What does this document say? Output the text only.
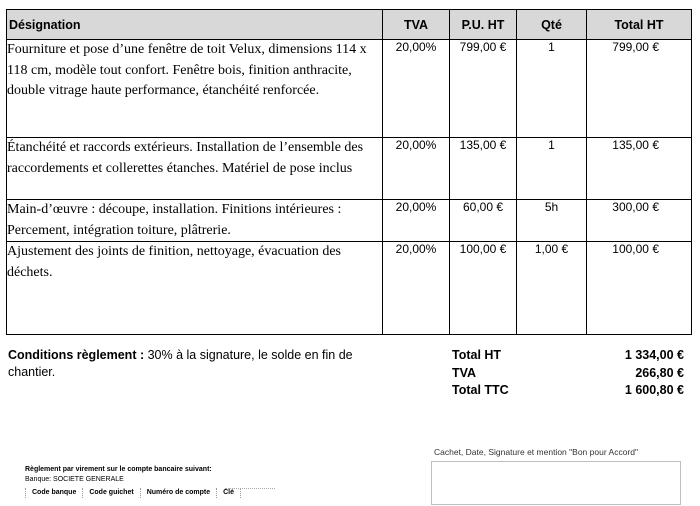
Désignation	TVA	P.U. HT	Qté	Total HT
Fourniture et pose d’une fenêtre de toit Velux, dimensions 114 x 118 cm, modèle tout confort. Fenêtre bois, finition anthracite, double vitrage haute performance, étanchéité renforcée.	20,00%	799,00 €	1	799,00 €
Étanchéité et raccords extérieurs. Installation de l’ensemble des raccordements et collerettes étanches. Matériel de pose inclus	20,00%	135,00 €	1	135,00 €
Main-d’œuvre : découpe, installation. Finitions intérieures : Percement, intégration toiture, plâtrerie.	20,00%	60,00 €	5h	300,00 €
Ajustement des joints de finition, nettoyage, évacuation des déchets.	20,00%	100,00 €	1,00 €	100,00 €
Conditions règlement : 30% à la signature, le solde en fin de chantier.
Total HT	1 334,00 €
TVA	266,80 €
Total TTC	1 600,80 €
Règlement par virement sur le compte bancaire suivant:
Banque: SOCIETE GENERALE
Code banque	Code guichet	Numéro de compte	Clé
Cachet, Date, Signature et mention "Bon pour Accord"
